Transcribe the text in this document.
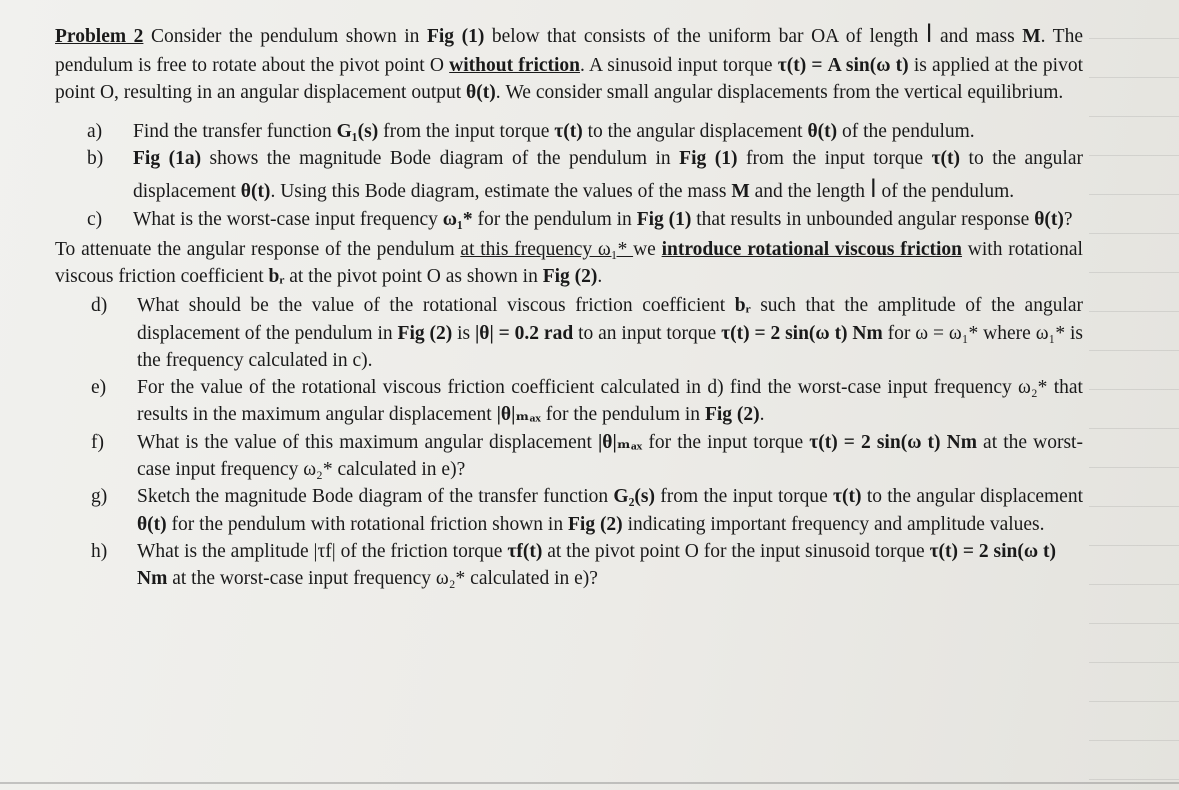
Problem 2 Consider the pendulum shown in Fig (1) below that consists of the uniform bar OA of length l and mass M. The pendulum is free to rotate about the pivot point O without friction. A sinusoid input torque τ(t) = A sin(ω t) is applied at the pivot point O, resulting in an angular displacement output θ(t). We consider small angular displacements from the vertical equilibrium.

a)	Find the transfer function G₁(s) from the input torque τ(t) to the angular displacement θ(t) of the pendulum.
b)	Fig (1a) shows the magnitude Bode diagram of the pendulum in Fig (1) from the input torque τ(t) to the angular displacement θ(t). Using this Bode diagram, estimate the values of the mass M and the length l of the pendulum.
c)	What is the worst-case input frequency ω₁* for the pendulum in Fig (1) that results in unbounded angular response θ(t)?

To attenuate the angular response of the pendulum at this frequency ω₁* we introduce rotational viscous friction with rotational viscous friction coefficient bᵣ at the pivot point O as shown in Fig (2).

d)	What should be the value of the rotational viscous friction coefficient bᵣ such that the amplitude of the angular displacement of the pendulum in Fig (2) is |θ| = 0.2 rad to an input torque τ(t) = 2 sin(ω t) Nm for ω = ω₁* where ω₁* is the frequency calculated in c).
e)	For the value of the rotational viscous friction coefficient calculated in d) find the worst-case input frequency ω₂* that results in the maximum angular displacement |θ|ₘₐₓ for the pendulum in Fig (2).
f)	What is the value of this maximum angular displacement |θ|ₘₐₓ for the input torque τ(t) = 2 sin(ω t) Nm at the worst-case input frequency ω₂* calculated in e)?
g)	Sketch the magnitude Bode diagram of the transfer function G₂(s) from the input torque τ(t) to the angular displacement θ(t) for the pendulum with rotational friction shown in Fig (2) indicating important frequency and amplitude values.
h)	What is the amplitude |τf| of the friction torque τf(t) at the pivot point O for the input sinusoid torque τ(t) = 2 sin(ω t) Nm at the worst-case input frequency ω₂* calculated in e)?
